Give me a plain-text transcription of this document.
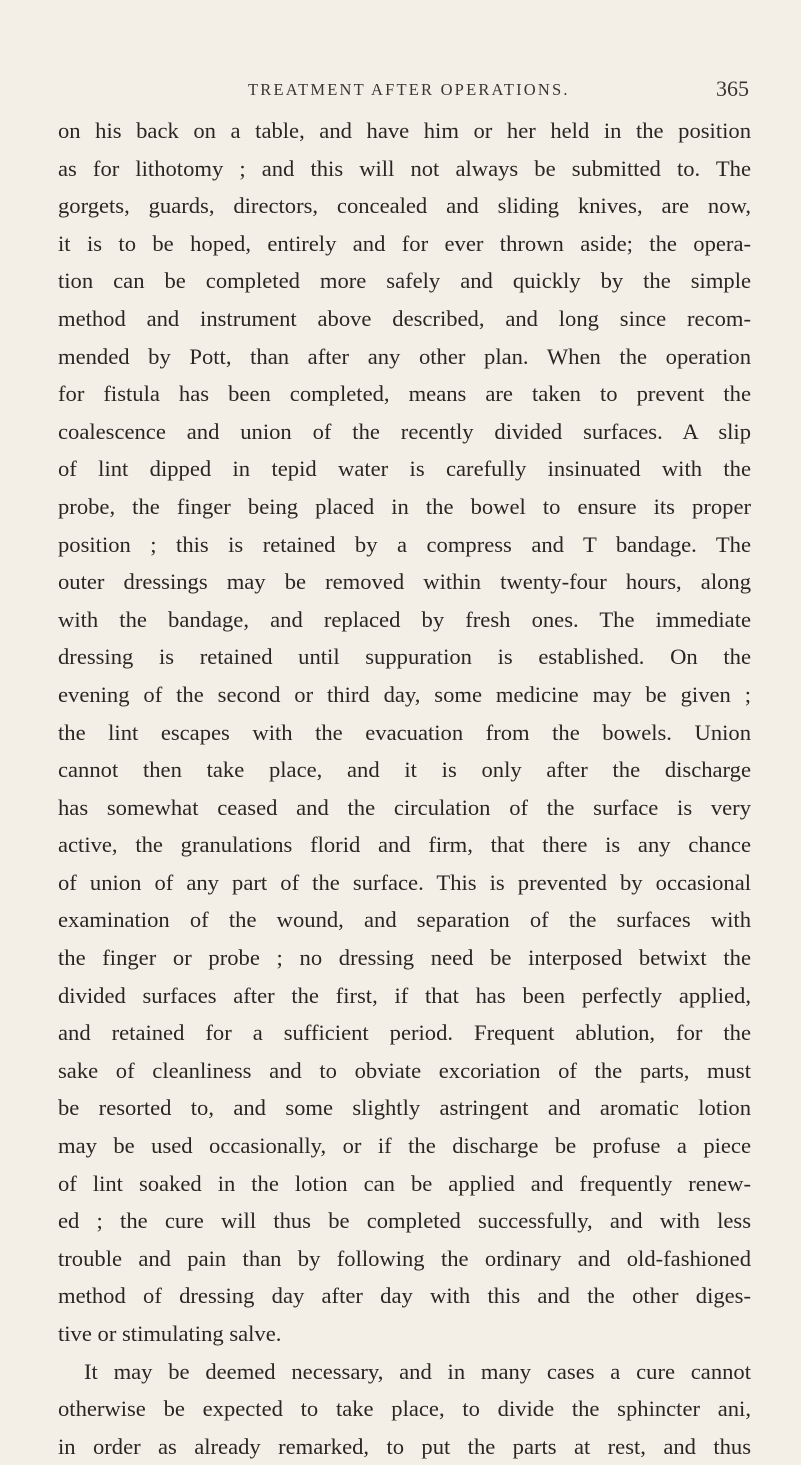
TREATMENT AFTER OPERATIONS.	365
on his back on a table, and have him or her held in the position
as for lithotomy ; and this will not always be submitted to. The
gorgets, guards, directors, concealed and sliding knives, are now,
it is to be hoped, entirely and for ever thrown aside; the opera-
tion can be completed more safely and quickly by the simple
method and instrument above described, and long since recom-
mended by Pott, than after any other plan. When the operation
for fistula has been completed, means are taken to prevent the
coalescence and union of the recently divided surfaces. A slip
of lint dipped in tepid water is carefully insinuated with the
probe, the finger being placed in the bowel to ensure its proper
position ; this is retained by a compress and T bandage. The
outer dressings may be removed within twenty-four hours, along
with the bandage, and replaced by fresh ones. The immediate
dressing is retained until suppuration is established. On the
evening of the second or third day, some medicine may be given ;
the lint escapes with the evacuation from the bowels. Union
cannot then take place, and it is only after the discharge
has somewhat ceased and the circulation of the surface is very
active, the granulations florid and firm, that there is any chance
of union of any part of the surface. This is prevented by occasional
examination of the wound, and separation of the surfaces with
the finger or probe ; no dressing need be interposed betwixt the
divided surfaces after the first, if that has been perfectly applied,
and retained for a sufficient period. Frequent ablution, for the
sake of cleanliness and to obviate excoriation of the parts, must
be resorted to, and some slightly astringent and aromatic lotion
may be used occasionally, or if the discharge be profuse a piece
of lint soaked in the lotion can be applied and frequently renew-
ed ; the cure will thus be completed successfully, and with less
trouble and pain than by following the ordinary and old-fashioned
method of dressing day after day with this and the other diges-
tive or stimulating salve.
It may be deemed necessary, and in many cases a cure cannot
otherwise be expected to take place, to divide the sphincter ani,
in order as already remarked, to put the parts at rest, and thus
